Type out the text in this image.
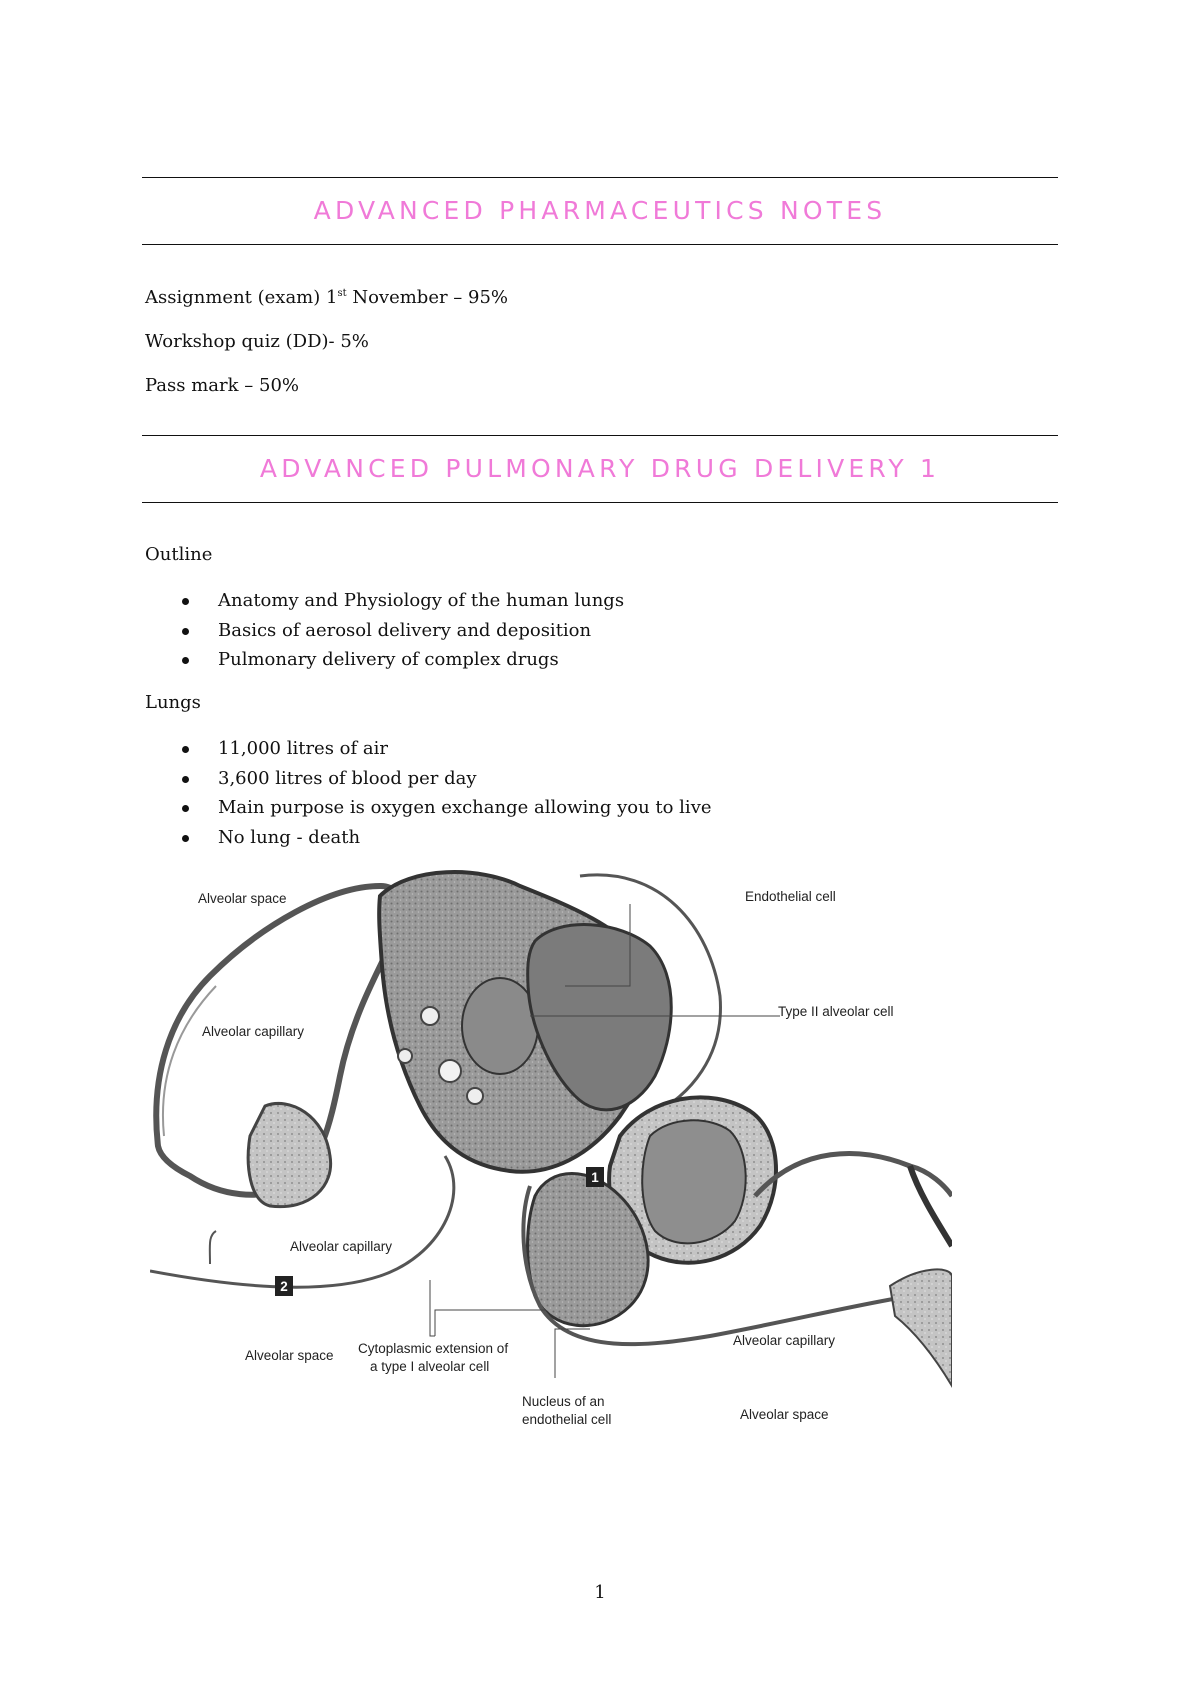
ADVANCED PHARMACEUTICS NOTES
Assignment (exam) 1st November – 95%
Workshop quiz (DD)- 5%
Pass mark – 50%
ADVANCED PULMONARY DRUG DELIVERY 1
Outline
Anatomy and Physiology of the human lungs
Basics of aerosol delivery and deposition
Pulmonary delivery of complex drugs
Lungs
11,000 litres of air
3,600 litres of blood per day
Main purpose is oxygen exchange allowing you to live
No lung - death
1
2
Alveolar space	Endothelial cell
Alveolar capillary
Type II alveolar cell
Alveolar capillary
Alveolar space Cytoplasmic extension of
a type I alveolar cell
Alveolar capillary
Nucleus of an
endothelial cell	Alveolar space
1
